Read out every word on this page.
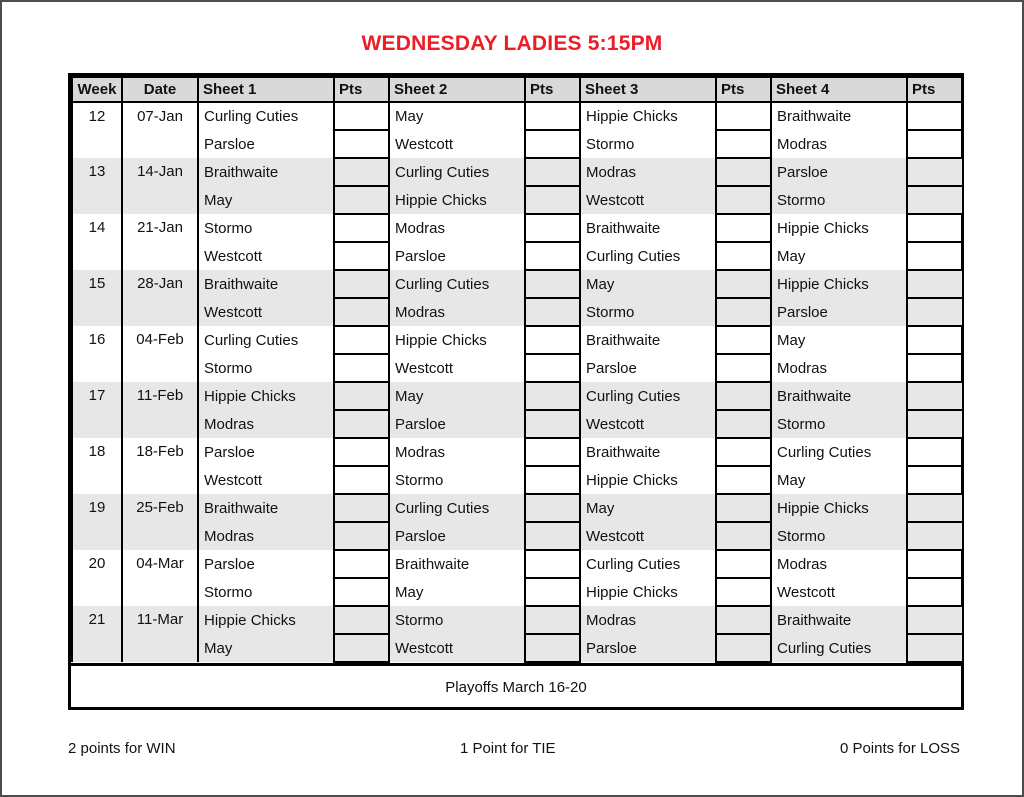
WEDNESDAY LADIES 5:15PM
Week	Date	Sheet 1	Pts	Sheet 2	Pts	Sheet 3	Pts	Sheet 4	Pts
12	07-Jan	Curling Cuties		May		Hippie Chicks		Braithwaite	
		Parsloe		Westcott		Stormo		Modras	
13	14-Jan	Braithwaite		Curling Cuties		Modras		Parsloe	
		May		Hippie Chicks		Westcott		Stormo	
14	21-Jan	Stormo		Modras		Braithwaite		Hippie Chicks	
		Westcott		Parsloe		Curling Cuties		May	
15	28-Jan	Braithwaite		Curling Cuties		May		Hippie Chicks	
		Westcott		Modras		Stormo		Parsloe	
16	04-Feb	Curling Cuties		Hippie Chicks		Braithwaite		May	
		Stormo		Westcott		Parsloe		Modras	
17	11-Feb	Hippie Chicks		May		Curling Cuties		Braithwaite	
		Modras		Parsloe		Westcott		Stormo	
18	18-Feb	Parsloe		Modras		Braithwaite		Curling Cuties	
		Westcott		Stormo		Hippie Chicks		May	
19	25-Feb	Braithwaite		Curling Cuties		May		Hippie Chicks	
		Modras		Parsloe		Westcott		Stormo	
20	04-Mar	Parsloe		Braithwaite		Curling Cuties		Modras	
		Stormo		May		Hippie Chicks		Westcott	
21	11-Mar	Hippie Chicks		Stormo		Modras		Braithwaite	
		May		Westcott		Parsloe		Curling Cuties	
Playoffs March 16-20
2 points for WIN	1 Point for TIE	0 Points for LOSS
